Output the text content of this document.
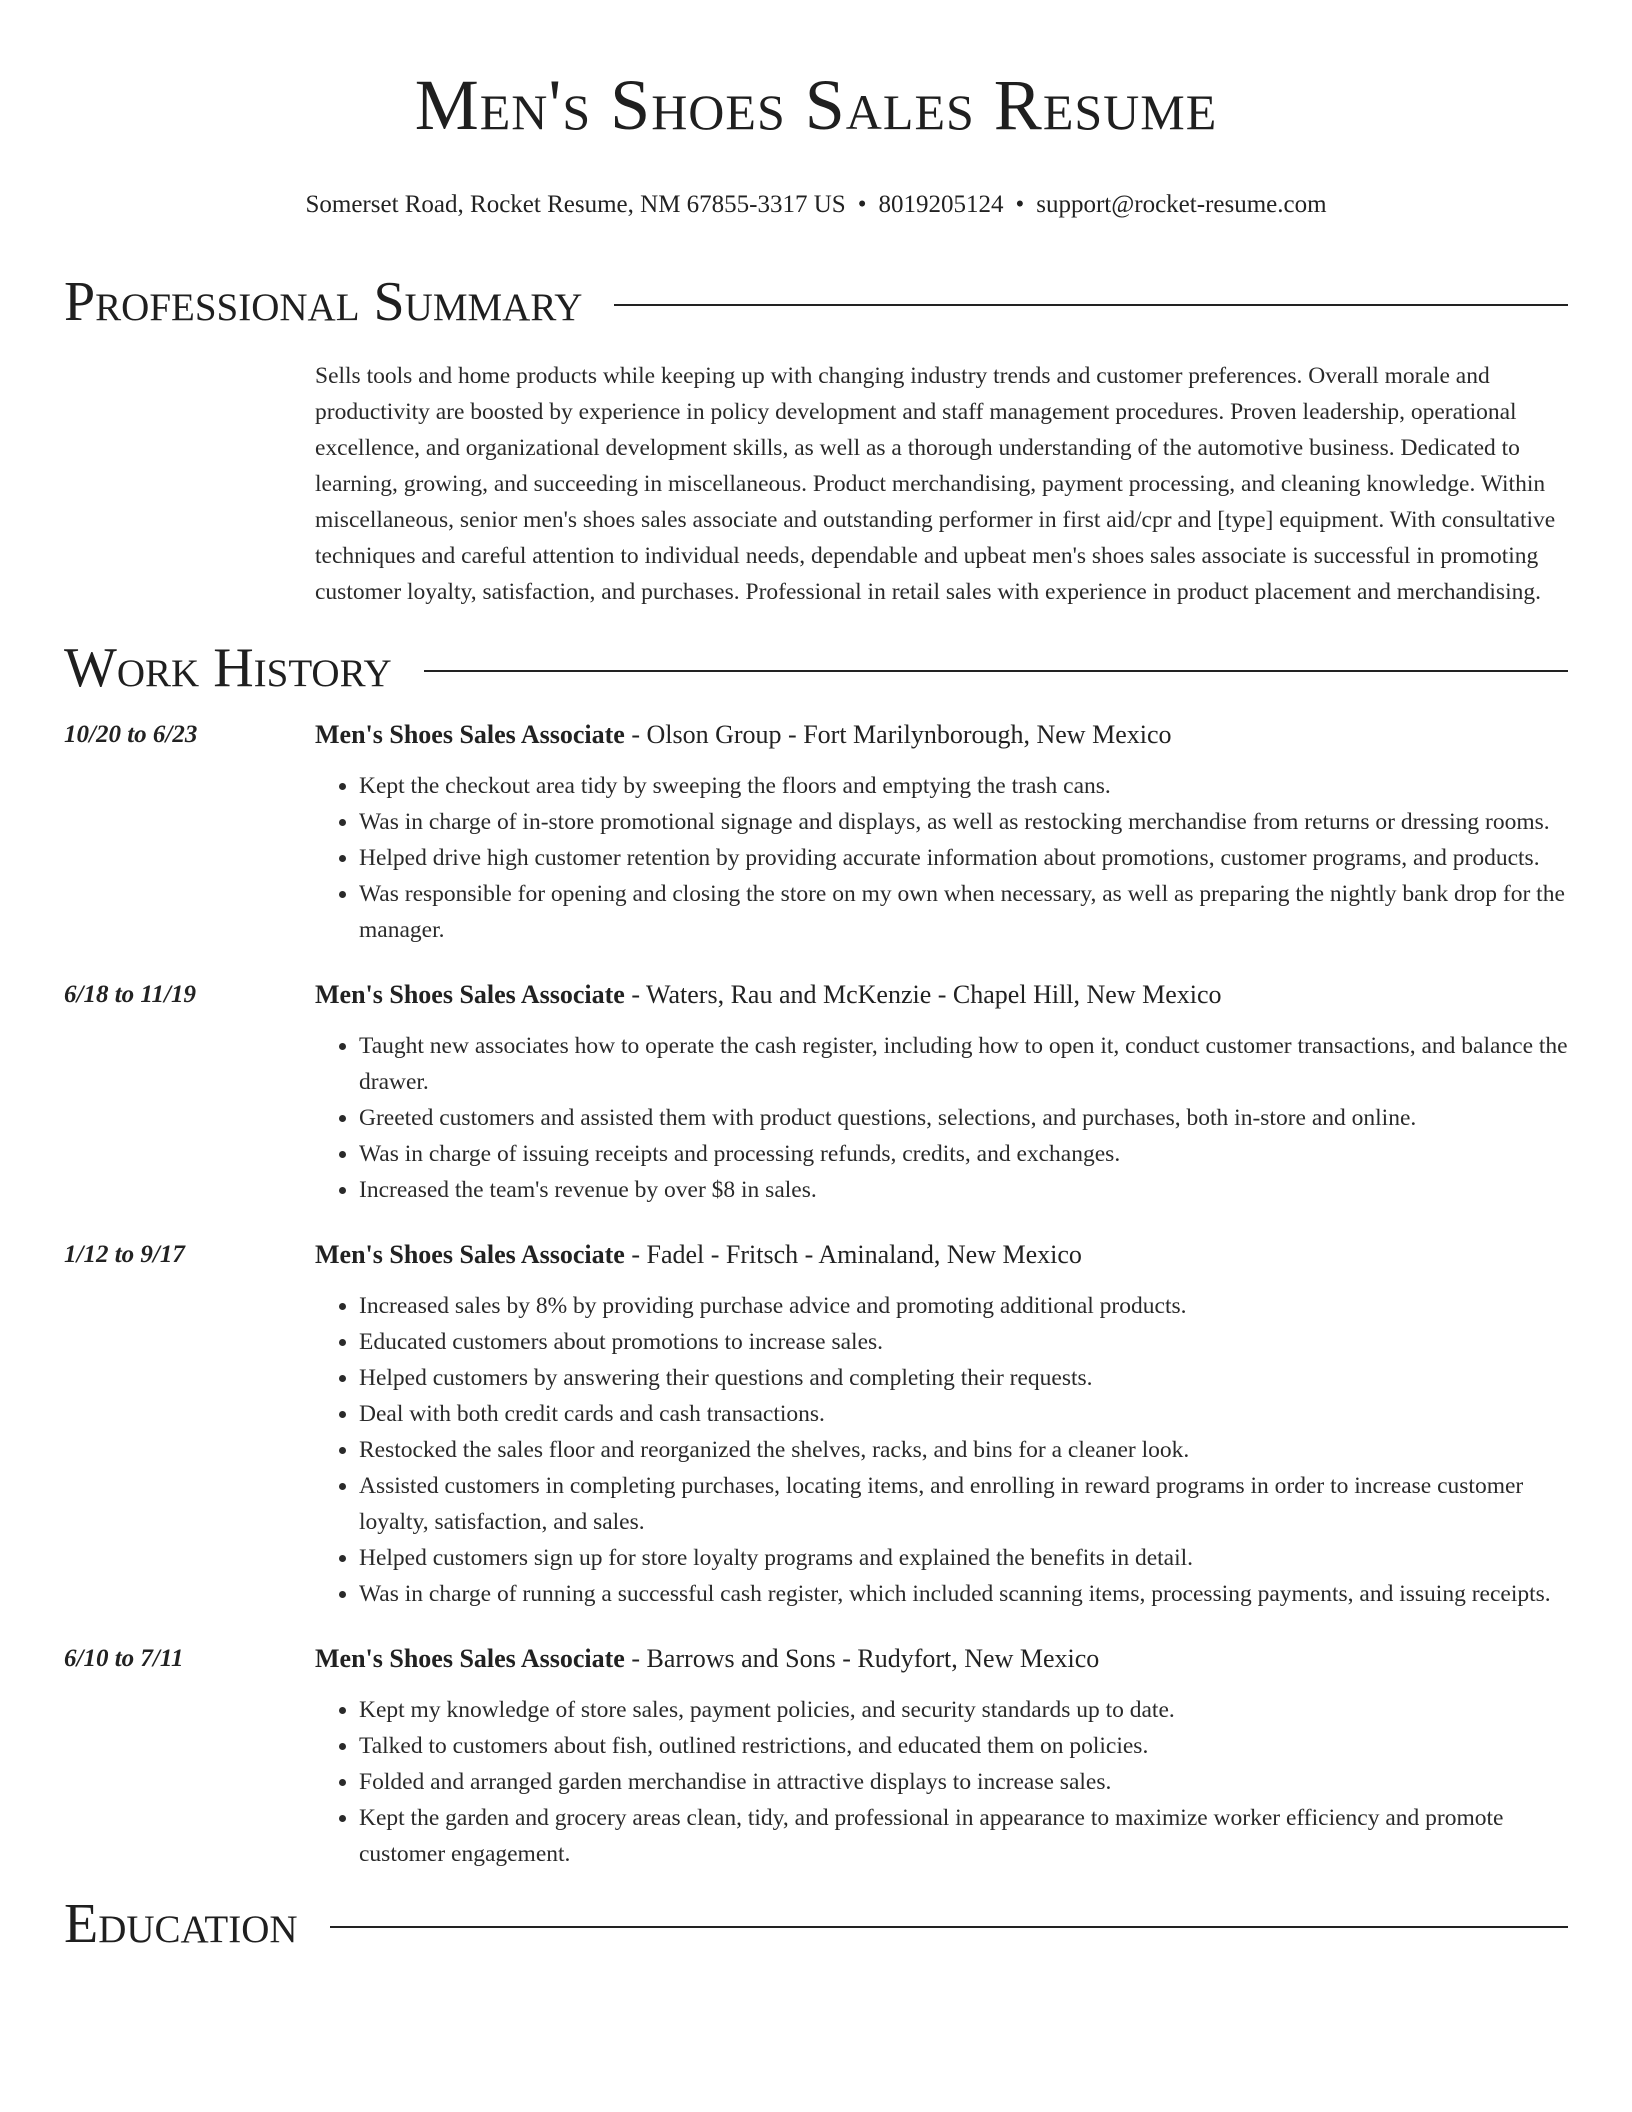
Men's Shoes Sales Resume
Somerset Road, Rocket Resume, NM 67855-3317 US • 8019205124 • support@rocket-resume.com
Professional Summary

Sells tools and home products while keeping up with changing industry trends and customer preferences. Overall morale and productivity are boosted by experience in policy development and staff management procedures. Proven leadership, operational excellence, and organizational development skills, as well as a thorough understanding of the automotive business. Dedicated to learning, growing, and succeeding in miscellaneous. Product merchandising, payment processing, and cleaning knowledge. Within miscellaneous, senior men's shoes sales associate and outstanding performer in first aid/cpr and [type] equipment. With consultative techniques and careful attention to individual needs, dependable and upbeat men's shoes sales associate is successful in promoting customer loyalty, satisfaction, and purchases. Professional in retail sales with experience in product placement and merchandising.

Work History
10/20 to 6/23	Men's Shoes Sales Associate - Olson Group - Fort Marilynborough, New Mexico
• Kept the checkout area tidy by sweeping the floors and emptying the trash cans.
• Was in charge of in-store promotional signage and displays, as well as restocking merchandise from returns or dressing rooms.
• Helped drive high customer retention by providing accurate information about promotions, customer programs, and products.
• Was responsible for opening and closing the store on my own when necessary, as well as preparing the nightly bank drop for the manager.
6/18 to 11/19	Men's Shoes Sales Associate - Waters, Rau and McKenzie - Chapel Hill, New Mexico
• Taught new associates how to operate the cash register, including how to open it, conduct customer transactions, and balance the drawer.
• Greeted customers and assisted them with product questions, selections, and purchases, both in-store and online.
• Was in charge of issuing receipts and processing refunds, credits, and exchanges.
• Increased the team's revenue by over $8 in sales.
1/12 to 9/17	Men's Shoes Sales Associate - Fadel - Fritsch - Aminaland, New Mexico
• Increased sales by 8% by providing purchase advice and promoting additional products.
• Educated customers about promotions to increase sales.
• Helped customers by answering their questions and completing their requests.
• Deal with both credit cards and cash transactions.
• Restocked the sales floor and reorganized the shelves, racks, and bins for a cleaner look.
• Assisted customers in completing purchases, locating items, and enrolling in reward programs in order to increase customer loyalty, satisfaction, and sales.
• Helped customers sign up for store loyalty programs and explained the benefits in detail.
• Was in charge of running a successful cash register, which included scanning items, processing payments, and issuing receipts.
6/10 to 7/11	Men's Shoes Sales Associate - Barrows and Sons - Rudyfort, New Mexico
• Kept my knowledge of store sales, payment policies, and security standards up to date.
• Talked to customers about fish, outlined restrictions, and educated them on policies.
• Folded and arranged garden merchandise in attractive displays to increase sales.
• Kept the garden and grocery areas clean, tidy, and professional in appearance to maximize worker efficiency and promote customer engagement.
Education
